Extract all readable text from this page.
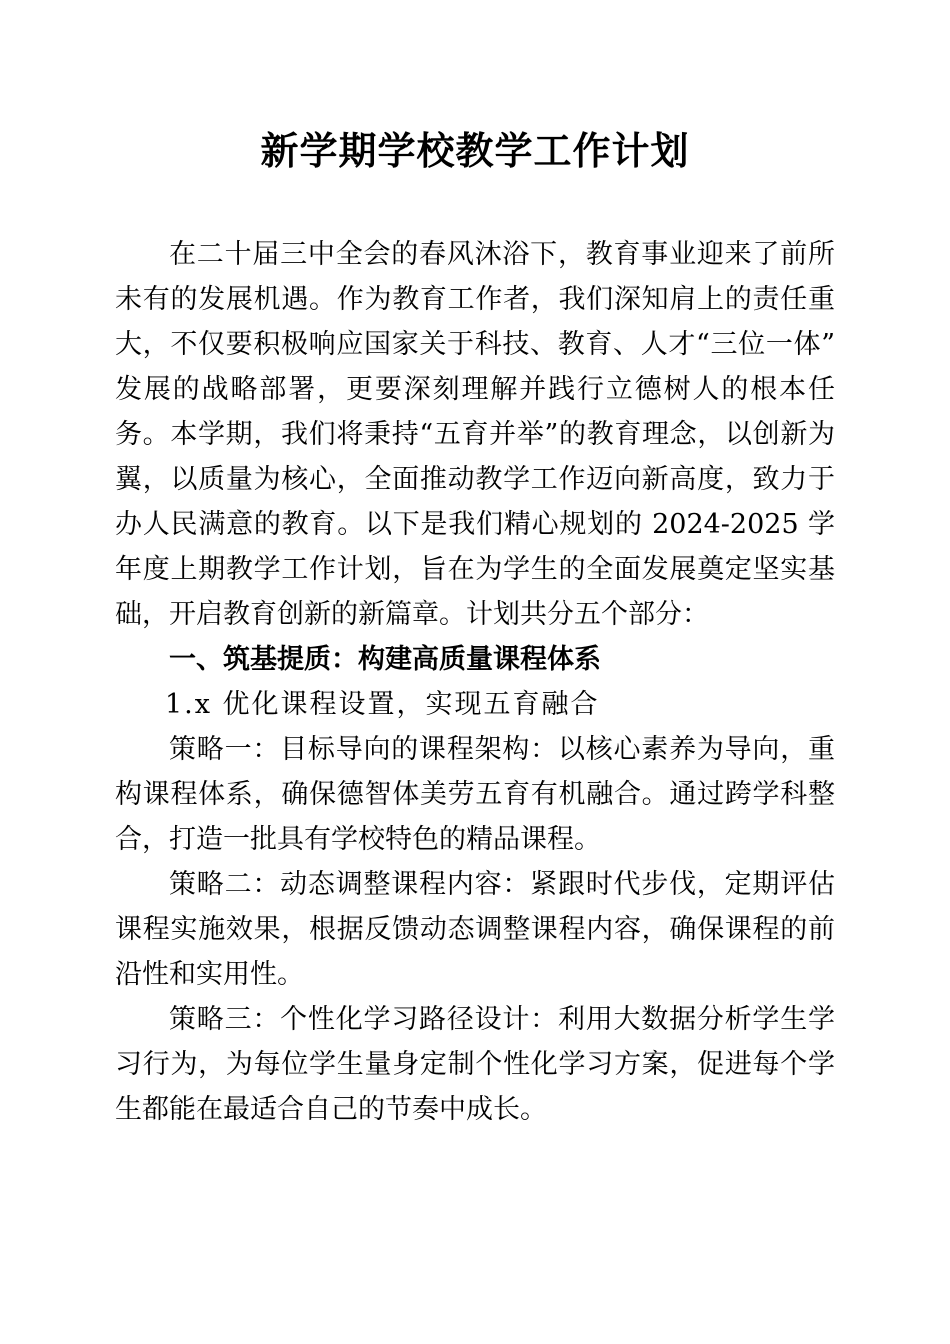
新学期学校教学工作计划

在二十届三中全会的春风沐浴下，教育事业迎来了前所未有的发展机遇。作为教育工作者，我们深知肩上的责任重大，不仅要积极响应国家关于科技、教育、人才“三位一体”发展的战略部署，更要深刻理解并践行立德树人的根本任务。本学期，我们将秉持“五育并举”的教育理念，以创新为翼，以质量为核心，全面推动教学工作迈向新高度，致力于办人民满意的教育。以下是我们精心规划的 2024-2025 学年度上期教学工作计划，旨在为学生的全面发展奠定坚实基础，开启教育创新的新篇章。计划共分五个部分：

一、筑基提质：构建高质量课程体系

1.x 优化课程设置，实现五育融合

策略一：目标导向的课程架构：以核心素养为导向，重构课程体系，确保德智体美劳五育有机融合。通过跨学科整合，打造一批具有学校特色的精品课程。

策略二：动态调整课程内容：紧跟时代步伐，定期评估课程实施效果，根据反馈动态调整课程内容，确保课程的前沿性和实用性。

策略三：个性化学习路径设计：利用大数据分析学生学习行为，为每位学生量身定制个性化学习方案，促进每个学生都能在最适合自己的节奏中成长。
